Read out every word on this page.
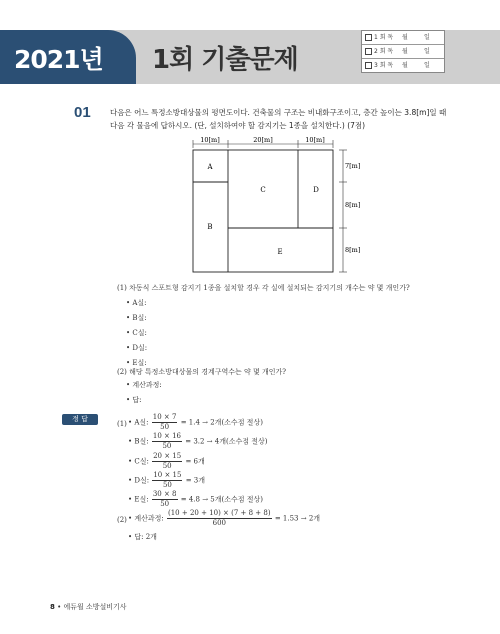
2021년 1회 기출문제
1 회 독	월	일
2 회 독	월	일
3 회 독	월	일
01	다음은 어느 특정소방대상물의 평면도이다. 건축물의 구조는 비내화구조이고, 층간 높이는 3.8[m]일 때
다음 각 물음에 답하시오. (단, 설치하여야 할 감지기는 1종을 설치한다.) (7점)
10[m]	20[m]	10[m]
A
B
C	D
E
7[m]
8[m]
8[m]
(1) 차동식 스포트형 감지기 1종을 설치할 경우 각 실에 설치되는 감지기의 개수는 약 몇 개인가?
• A실:
• B실:
• C실:
• D실:
• E실:
(2) 해당 특정소방대상물의 경계구역수는 약 몇 개인가?
• 계산과정:
• 답:
정 답
(1) • A실: $\frac{10 \times 7}{50} = 1.4 \to 2$개(소수점 절상)
• B실: $\frac{10 \times 16}{50} = 3.2 \to 4$개(소수점 절상)
• C실: $\frac{20 \times 15}{50} = 6$개
• D실: $\frac{10 \times 15}{50} = 3$개
• E실: $\frac{30 \times 8}{50} = 4.8 \to 5$개(소수점 절상)
(2) • 계산과정: $\frac{(10 + 20 + 10) \times (7 + 8 + 8)}{600} = 1.53 \to 2$개
• 답: 2개
8 • 에듀윌 소방설비기사
